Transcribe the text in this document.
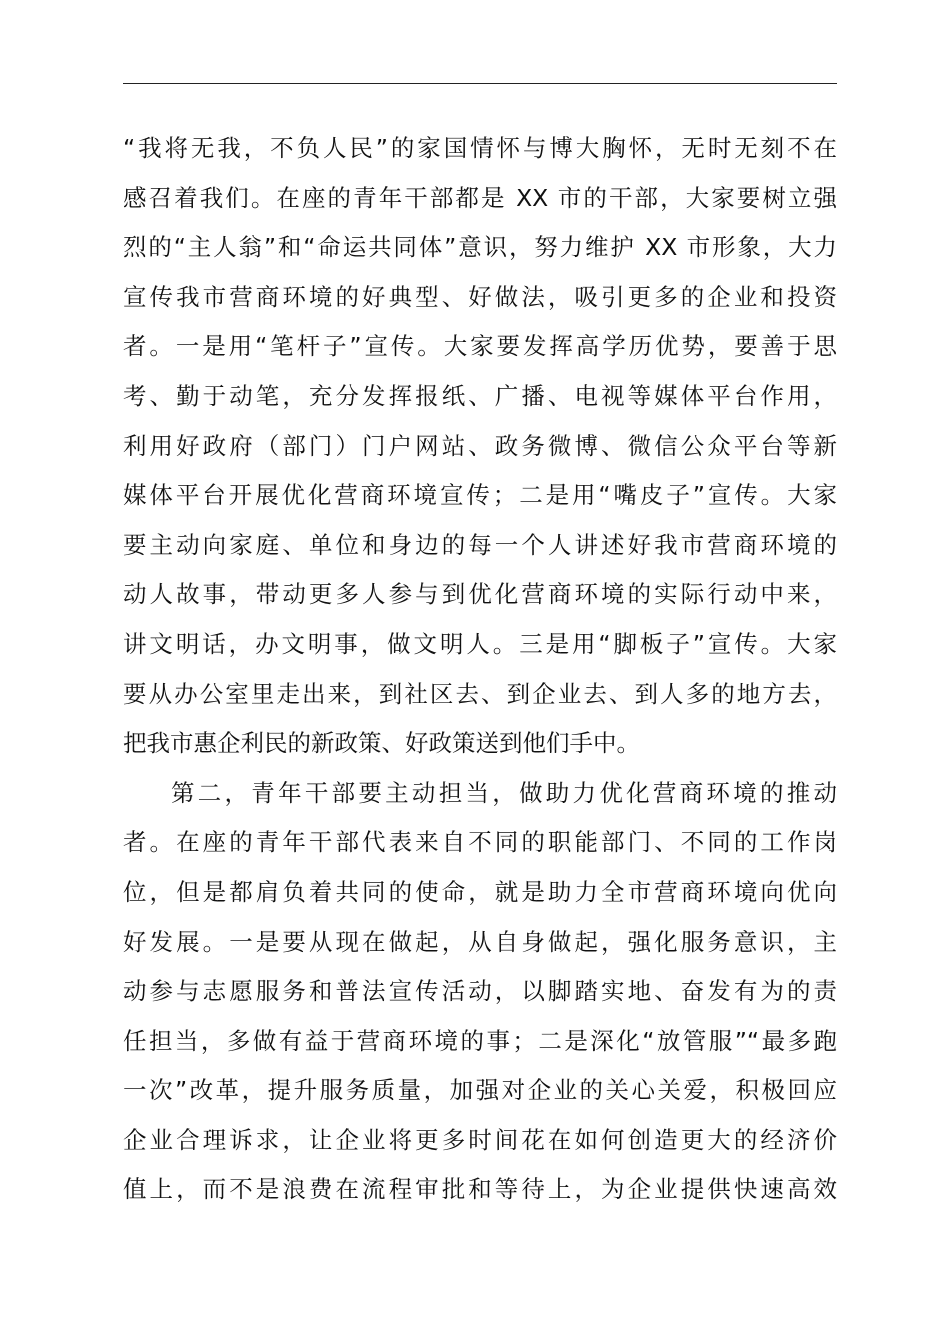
“我将无我，不负人民”的家国情怀与博大胸怀，无时无刻不在
感召着我们。在座的青年干部都是 XX 市的干部，大家要树立强
烈的“主人翁”和“命运共同体”意识，努力维护 XX 市形象，大力
宣传我市营商环境的好典型、好做法，吸引更多的企业和投资
者。一是用“笔杆子”宣传。大家要发挥高学历优势，要善于思
考、勤于动笔，充分发挥报纸、广播、电视等媒体平台作用，
利用好政府（部门）门户网站、政务微博、微信公众平台等新
媒体平台开展优化营商环境宣传；二是用“嘴皮子”宣传。大家
要主动向家庭、单位和身边的每一个人讲述好我市营商环境的
动人故事，带动更多人参与到优化营商环境的实际行动中来，
讲文明话，办文明事，做文明人。三是用“脚板子”宣传。大家
要从办公室里走出来，到社区去、到企业去、到人多的地方去，
把我市惠企利民的新政策、好政策送到他们手中。
第二，青年干部要主动担当，做助力优化营商环境的推动
者。在座的青年干部代表来自不同的职能部门、不同的工作岗
位，但是都肩负着共同的使命，就是助力全市营商环境向优向
好发展。一是要从现在做起，从自身做起，强化服务意识，主
动参与志愿服务和普法宣传活动，以脚踏实地、奋发有为的责
任担当，多做有益于营商环境的事；二是深化“放管服”“最多跑
一次”改革，提升服务质量，加强对企业的关心关爱，积极回应
企业合理诉求，让企业将更多时间花在如何创造更大的经济价
值上，而不是浪费在流程审批和等待上，为企业提供快速高效
